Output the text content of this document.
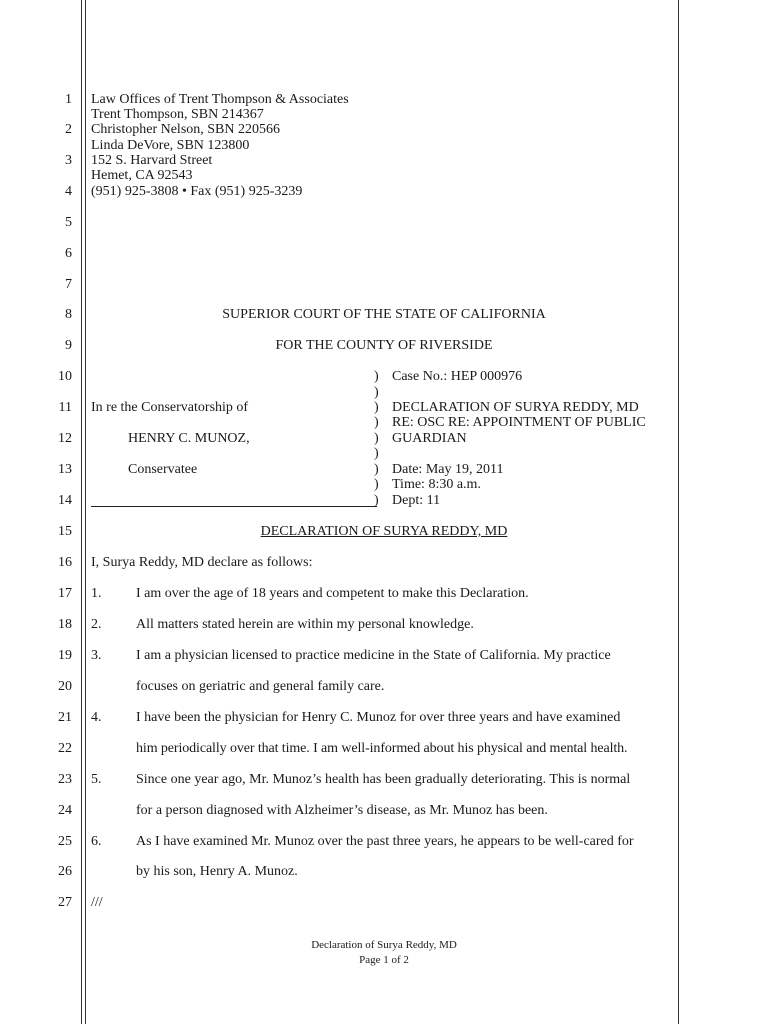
1
2
3
4
5
6
7
8
9
10
11
12
13
14
15
16
17
18
19
20
21
22
23
24
25
26
27
Law Offices of Trent Thompson & Associates
Trent Thompson, SBN 214367
Christopher Nelson, SBN 220566
Linda DeVore, SBN 123800
152 S. Harvard Street
Hemet, CA 92543
(951) 925-3808 • Fax (951) 925-3239
SUPERIOR COURT OF THE STATE OF CALIFORNIA
FOR THE COUNTY OF RIVERSIDE
In re the Conservatorship of
HENRY C. MUNOZ,
Conservatee
)
)
)
)
)
)
)
)
)
Case No.: HEP 000976
DECLARATION OF SURYA REDDY, MD
RE: OSC RE: APPOINTMENT OF PUBLIC
GUARDIAN
Date: May 19, 2011
Time: 8:30 a.m.
Dept: 11
DECLARATION OF SURYA REDDY, MD
I, Surya Reddy, MD declare as follows:
1. I am over the age of 18 years and competent to make this Declaration.
2. All matters stated herein are within my personal knowledge.
3. I am a physician licensed to practice medicine in the State of California. My practice
focuses on geriatric and general family care.
4. I have been the physician for Henry C. Munoz for over three years and have examined
him periodically over that time. I am well-informed about his physical and mental health.
5. Since one year ago, Mr. Munoz’s health has been gradually deteriorating. This is normal
for a person diagnosed with Alzheimer’s disease, as Mr. Munoz has been.
6. As I have examined Mr. Munoz over the past three years, he appears to be well-cared for
by his son, Henry A. Munoz.
///
Declaration of Surya Reddy, MD
Page 1 of 2
